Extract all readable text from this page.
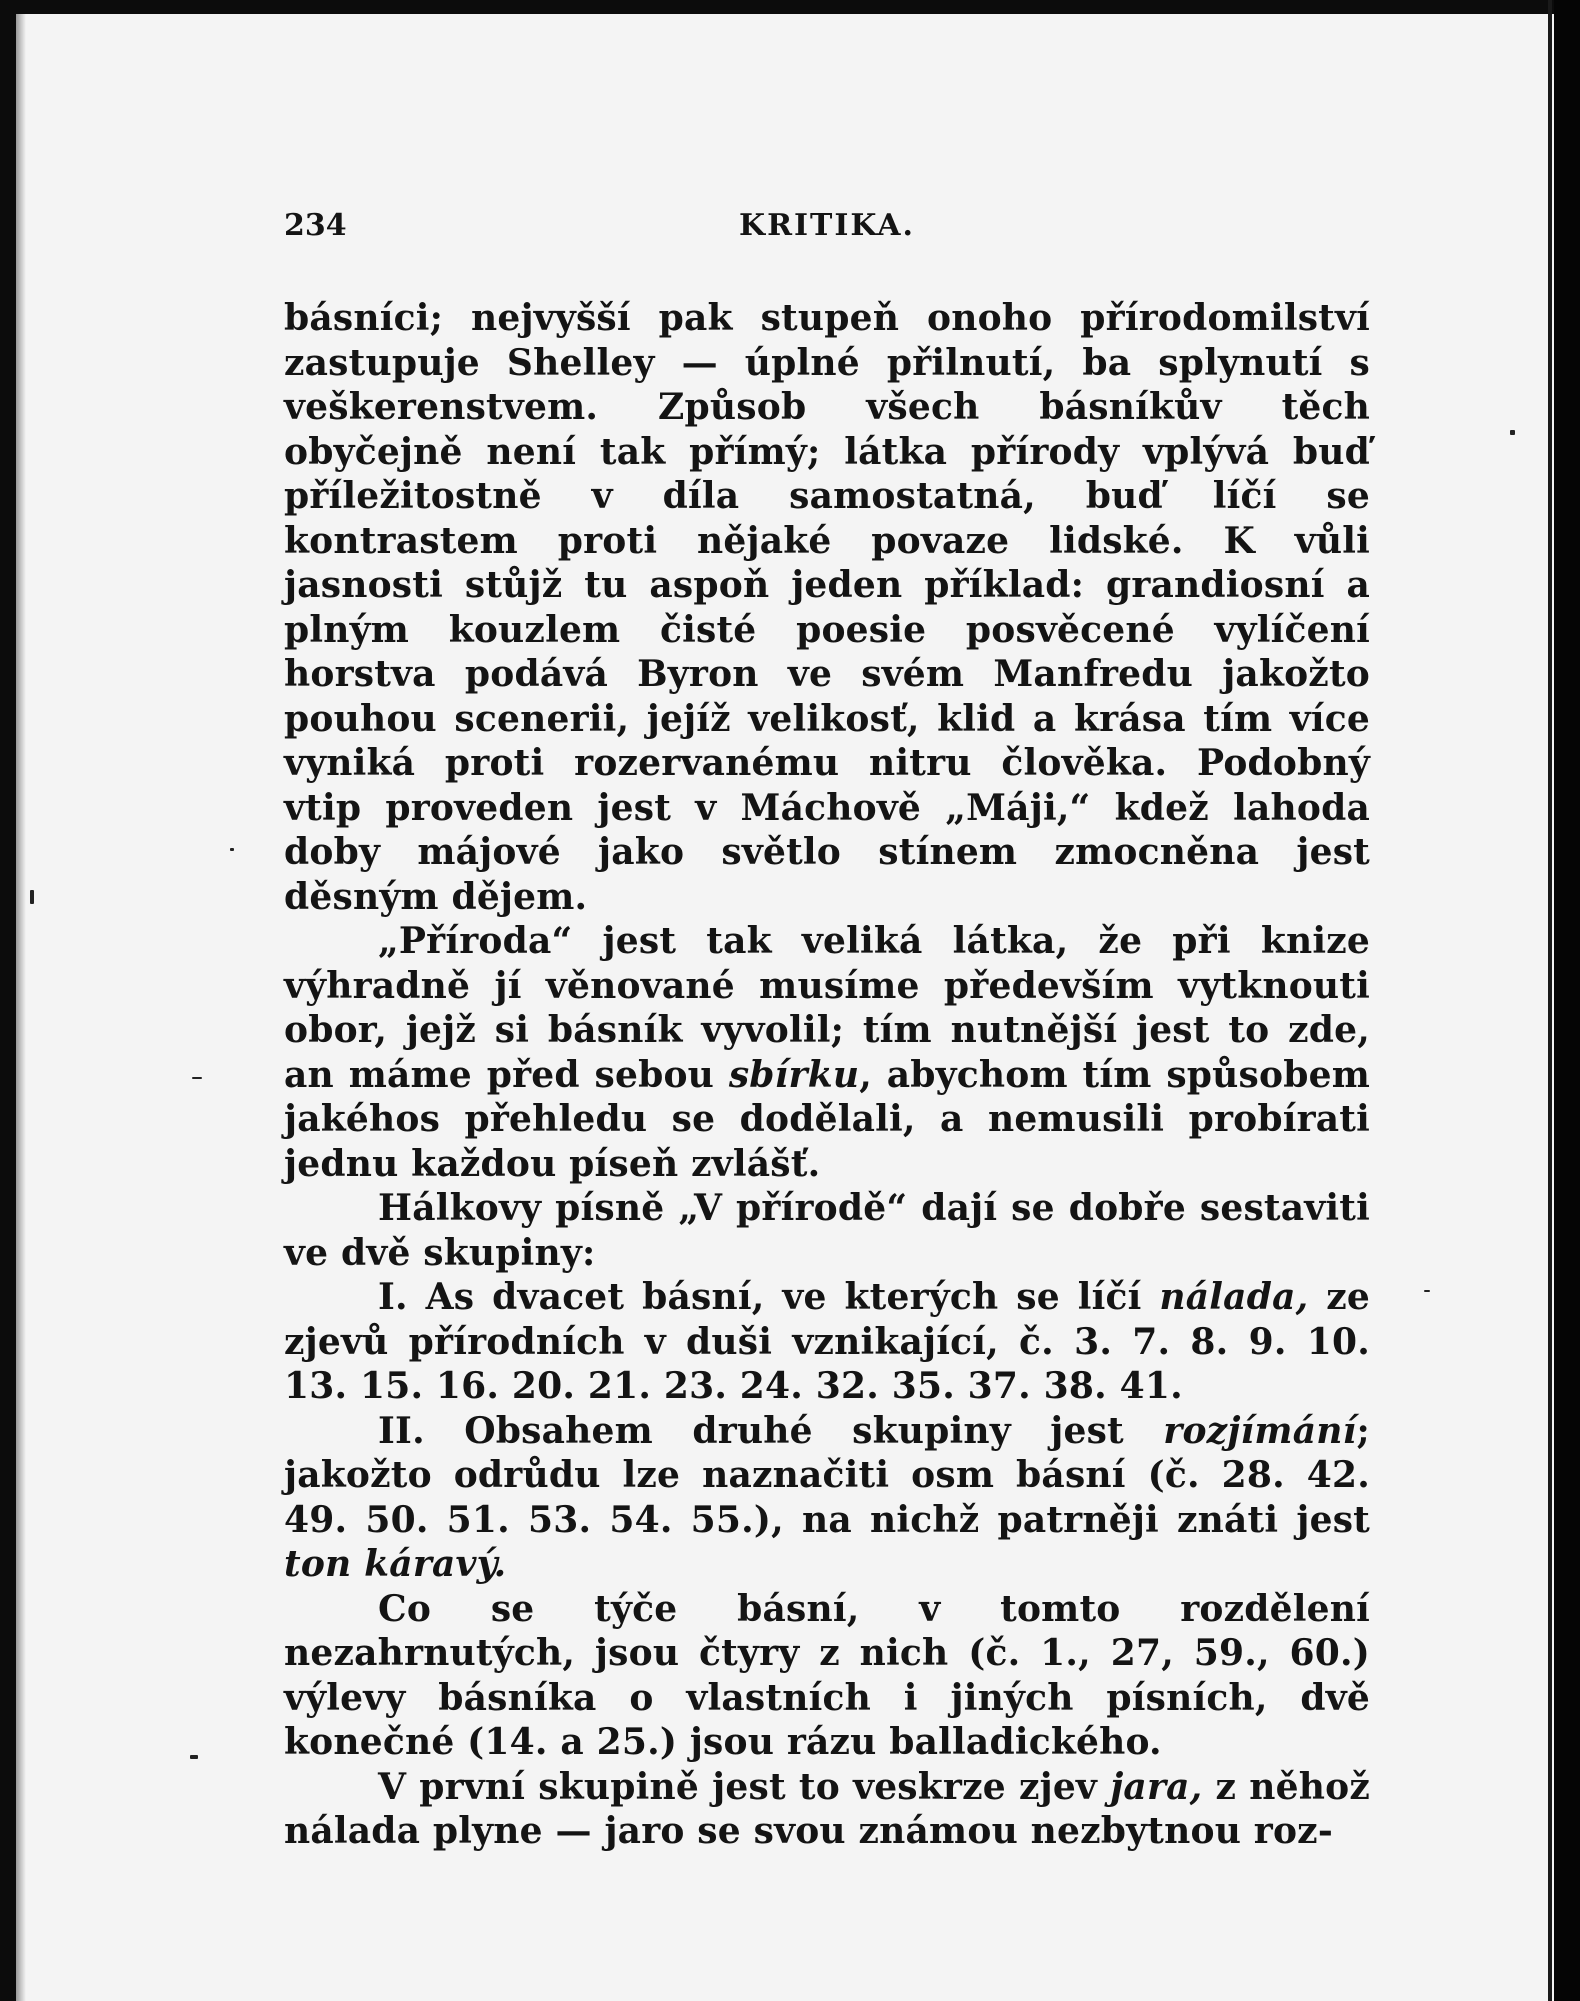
234	KRITIKA.

básníci; nejvyšší pak stupeň onoho přírodomilství zastupuje Shelley — úplné přilnutí, ba splynutí s veškerenstvem. Způsob všech básníkův těch obyčejně není tak přímý; látka přírody vplývá buď příležitostně v díla samostatná, buď líčí se kontrastem proti nějaké povaze lidské. K vůli jasnosti stůjž tu aspoň jeden příklad: grandiosní a plným kouzlem čisté poesie posvěcené vylíčení horstva podává Byron ve svém Manfredu jakožto pouhou scenerii, jejíž velikosť, klid a krása tím více vyniká proti rozervanému nitru člověka. Podobný vtip proveden jest v Máchově „Máji,“ kdež lahoda doby májové jako světlo stínem zmocněna jest děsným dějem.

„Příroda“ jest tak veliká látka, že při knize výhradně jí věnované musíme především vytknouti obor, jejž si básník vyvolil; tím nutnější jest to zde, an máme před sebou sbírku, abychom tím spůsobem jakéhos přehledu se dodělali, a nemusili probírati jednu každou píseň zvlášť.

Hálkovy písně „V přírodě“ dají se dobře sestaviti ve dvě skupiny:

I. As dvacet básní, ve kterých se líčí nálada, ze zjevů přírodních v duši vznikající, č. 3. 7. 8. 9. 10. 13. 15. 16. 20. 21. 23. 24. 32. 35. 37. 38. 41.

II. Obsahem druhé skupiny jest rozjímání; jakožto odrůdu lze naznačiti osm básní (č. 28. 42. 49. 50. 51. 53. 54. 55.), na nichž patrněji znáti jest ton káravý.

Co se týče básní, v tomto rozdělení nezahrnutých, jsou čtyry z nich (č. 1., 27, 59., 60.) výlevy básníka o vlastních i jiných písních, dvě konečné (14. a 25.) jsou rázu balladického.

V první skupině jest to veskrze zjev jara, z něhož nálada plyne — jaro se svou známou nezbytnou roz-
